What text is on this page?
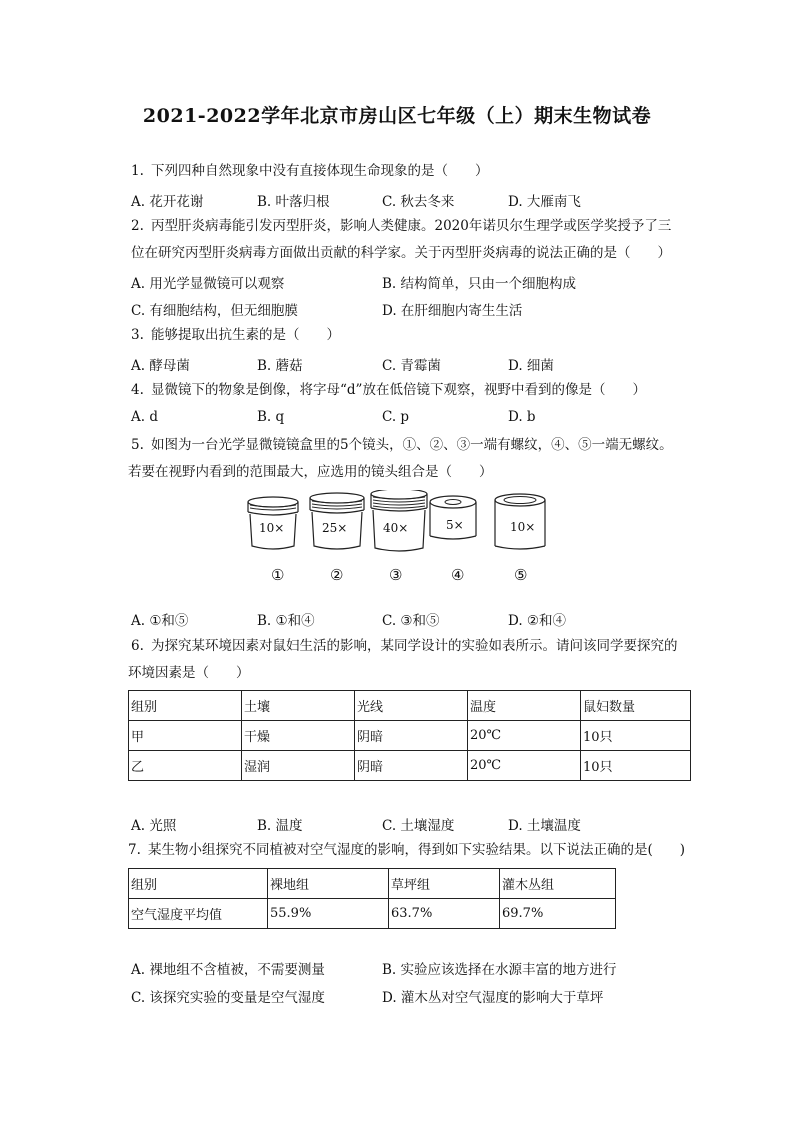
2021-2022学年北京市房山区七年级（上）期末生物试卷
1. 下列四种自然现象中没有直接体现生命现象的是（　　）
A. 花开花谢	B. 叶落归根	C. 秋去冬来	D. 大雁南飞
2. 丙型肝炎病毒能引发丙型肝炎，影响人类健康。2020年诺贝尔生理学或医学奖授予了三
位在研究丙型肝炎病毒方面做出贡献的科学家。关于丙型肝炎病毒的说法正确的是（　　）
A. 用光学显微镜可以观察	B. 结构简单，只由一个细胞构成
C. 有细胞结构，但无细胞膜	D. 在肝细胞内寄生生活
3. 能够提取出抗生素的是（　　）
A. 酵母菌	B. 蘑菇	C. 青霉菌	D. 细菌
4. 显微镜下的物象是倒像，将字母“d”放在低倍镜下观察，视野中看到的像是（　　）
A. d	B. q	C. p	D. b
5. 如图为一台光学显微镜镜盒里的5个镜头，①、②、③一端有螺纹，④、⑤一端无螺纹。
若要在视野内看到的范围最大，应选用的镜头组合是（　　）
10×	25×	40×	5×	10×
①	②	③	④	⑤
A. ①和⑤	B. ①和④	C. ③和⑤	D. ②和④
6. 为探究某环境因素对鼠妇生活的影响，某同学设计的实验如表所示。请问该同学要探究的
环境因素是（　　）
组别	土壤	光线	温度	鼠妇数量
甲	干燥	阴暗	20℃	10只
乙	湿润	阴暗	20℃	10只
A. 光照	B. 温度	C. 土壤湿度	D. 土壤温度
7. 某生物小组探究不同植被对空气湿度的影响，得到如下实验结果。以下说法正确的是(　　)
组别	裸地组	草坪组	灌木丛组
空气湿度平均值	55.9%	63.7%	69.7%
A. 裸地组不含植被，不需要测量	B. 实验应该选择在水源丰富的地方进行
C. 该探究实验的变量是空气湿度	D. 灌木丛对空气湿度的影响大于草坪
